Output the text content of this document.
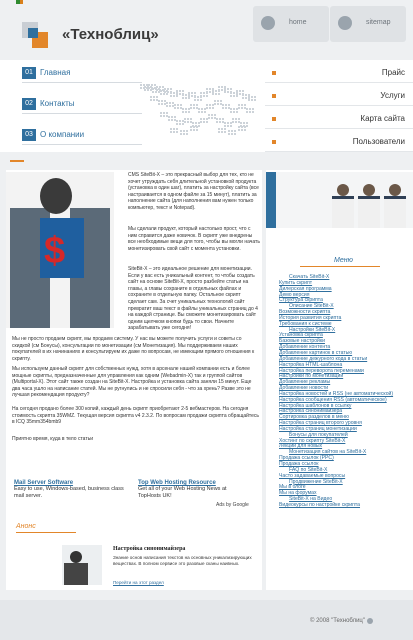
«Техноблиц»
home	sitemap
01 Главная
02 Контакты
03 О компании
Прайс
Услуги
Карта сайта
Пользователи
$
CMS SiteBit-X – это прекрасный выбор для тех, кто не хочет утруждать себя длительной установкой продукта (установка в один шаг), платить за настройку сайта (все настраивается в одном файле за 15 минут), платить за наполнение сайта (для наполнения вам нужен только компьютер, текст и Notepad).
Мы сделали продукт, который настолько прост, что с ним справится даже новичок. В скрипт уже внедрены все необходимые вещи для того, чтобы вы могли начать монетизировать свой сайт с момента установки.
SiteBit-X – это идеальное решение для монетизации. Если у вас есть уникальный контент, то чтобы создать сайт на основе SiteBit-X, просто разбейте статьи на главы, а главы сохраните в отдельных файлах и сохраните в отдельную папку. Остальное скрипт сделает сам. За счет уникальных технологий сайт превратит ваш текст в файлы уникальных страниц до 4 на каждой странице. Вы сможете монетизировать сайт одним щелчком кнопки будь то свои. Начните зарабатывать уже сегодня!
Мы не просто продаем скрипт, мы продаем систему. У нас вы можете получить услуги и советы со скидкой (см Бонусы), консультации по монетизации (см Монетизация). Мы поддерживаем наших покупателей в их начинаниях и консультируем их даже по вопросам, не имеющим прямого отношения к скрипту.
Мы используем данный скрипт для собственных нужд, хотя в арсенале нашей компании есть и более мощные скрипты, предназначенные для управления как одним (Webadmin-X) так и группой сайтов (Multiportal-X). Этот сайт также создан на SiteBit-X. Настройка и установка сайта заняли 15 минут. Еще два часа ушло на написание статей. Мы не ругнулись и не спросили себя - что за хрень? Разве это не лучшая рекомендация продукту?
На сегодня продано более 300 копий, каждый день скрипт приобретают 2-5 вебмастеров. На сегодня стоимость скрипта 35WMZ. Текущая версия скрипта v4 2.3.2. По вопросам продажи скрипта обращайтесь в ICQ 35mm354bmb9
Приятно время, куда в тело статьи
Mail Server Software
Easy to use, Windows-based, business class mail server.
Top Web Hosting Resource
Get all of your Web Hosting News at TopHosts UK!
Ads by Google
Анонс
Настройка синонимайзера
Знание основ написания текстов на основных уникализирующих веществах. В полном сервисе это разовые сканы наивных.
Перейти на этот раздел
Меню
Скачать SiteBit-X
Купить скрипт
Дилерская программа
Демо версия
Структура скрипта
Описание SiteBit-X
Возможности скрипта
История развития скрипта
Требования к системе
Настройки SiteBit-X
Установка скрипта
Базовые настройки
Добавление контента
Добавление картинок в статью
Добавление дежурного кода в статьи
Настройка HTML-шаблона
Настройка переворота переменами
Настройки по монетизации
Добавление рекламы
Добавление новости
Настройка новостей и RSS (не автоматической)
Настройка сообщения RSS (автоматическое)
Настройка шаблонов в ссылку
Настройка синонимайзера
Сортировка разделов в меню
Настройка страниц второго уровня
Настройка страниц монетизации
Бонусы для покупателей
Хостинг по скрипту SiteBit-X
Лекции для новых
Монетизация сайтов на SiteBit-X
Продажа ссылок (PPC)
Продажа ссылок
FAQ по SiteBit-X
Часто задаваемые вопросы
Продвижение SiteBit-X
Мы в блоге
Мы на форумах
SiteBit-X на Видео
Видеокурсы по настройке скрипта
© 2008 "Техноблиц"
